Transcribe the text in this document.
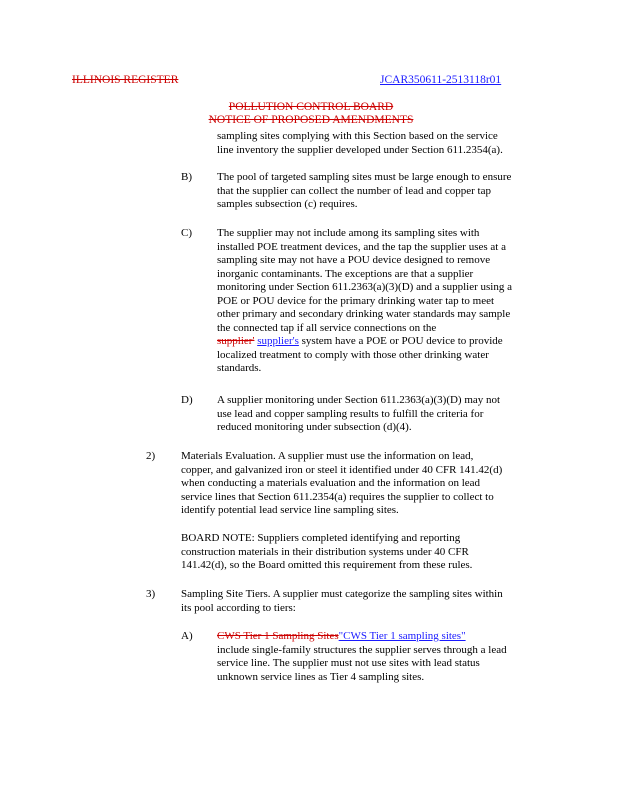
ILLINOIS REGISTER	JCAR350611-2513118r01
POLLUTION CONTROL BOARD
NOTICE OF PROPOSED AMENDMENTS
sampling sites complying with this Section based on the service
line inventory the supplier developed under Section 611.2354(a).
B) The pool of targeted sampling sites must be large enough to ensure
that the supplier can collect the number of lead and copper tap
samples subsection (c) requires.
C) The supplier may not include among its sampling sites with
installed POE treatment devices, and the tap the supplier uses at a
sampling site may not have a POU device designed to remove
inorganic contaminants. The exceptions are that a supplier
monitoring under Section 611.2363(a)(3)(D) and a supplier using a
POE or POU device for the primary drinking water tap to meet
other primary and secondary drinking water standards may sample
the connected tap if all service connections on the
supplier' supplier's system have a POE or POU device to provide
localized treatment to comply with those other drinking water
standards.
D) A supplier monitoring under Section 611.2363(a)(3)(D) may not
use lead and copper sampling results to fulfill the criteria for
reduced monitoring under subsection (d)(4).
2) Materials Evaluation. A supplier must use the information on lead,
copper, and galvanized iron or steel it identified under 40 CFR 141.42(d)
when conducting a materials evaluation and the information on lead
service lines that Section 611.2354(a) requires the supplier to collect to
identify potential lead service line sampling sites.
BOARD NOTE: Suppliers completed identifying and reporting
construction materials in their distribution systems under 40 CFR
141.42(d), so the Board omitted this requirement from these rules.
3) Sampling Site Tiers. A supplier must categorize the sampling sites within
its pool according to tiers:
A) CWS Tier 1 Sampling Sites"CWS Tier 1 sampling sites"
include single-family structures the supplier serves through a lead
service line. The supplier must not use sites with lead status
unknown service lines as Tier 4 sampling sites.
